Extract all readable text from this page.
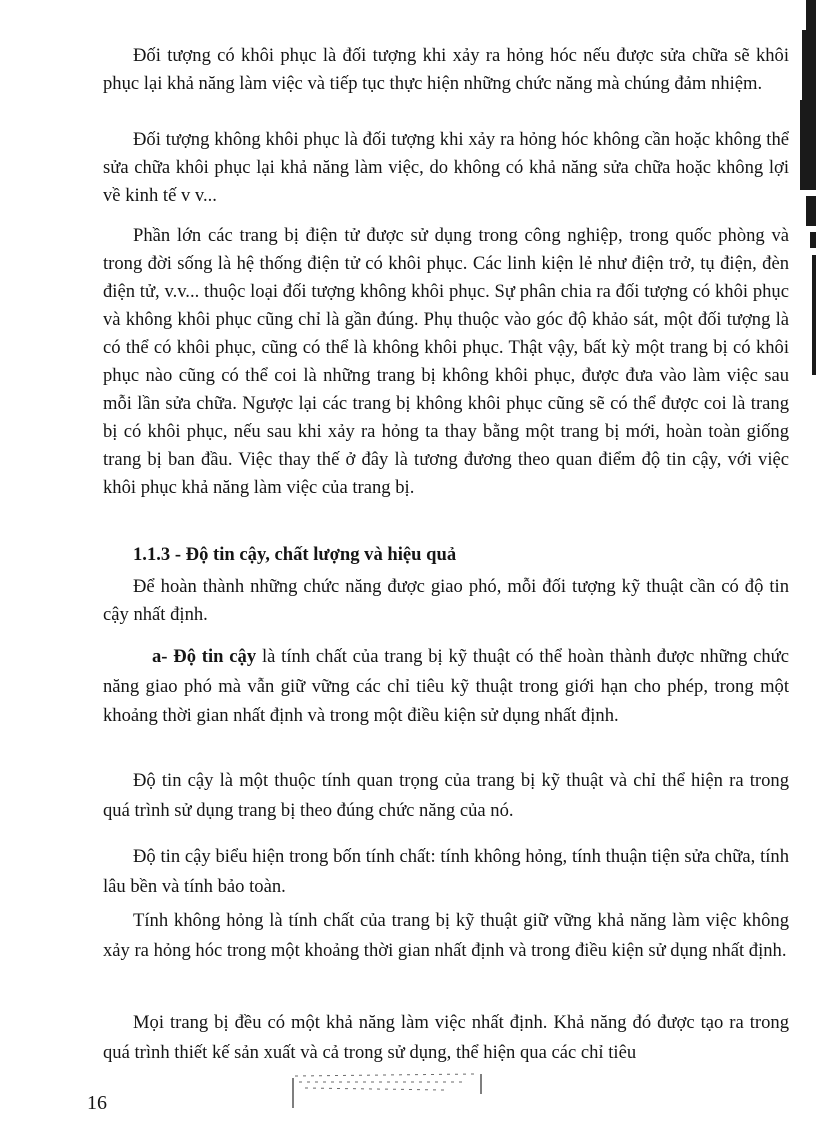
Đối tượng có khôi phục là đối tượng khi xảy ra hỏng hóc nếu được sửa chữa sẽ khôi phục lại khả năng làm việc và tiếp tục thực hiện những chức năng mà chúng đảm nhiệm.

Đối tượng không khôi phục là đối tượng khi xảy ra hỏng hóc không cần hoặc không thể sửa chữa khôi phục lại khả năng làm việc, do không có khả năng sửa chữa hoặc không lợi về kinh tế v v...

Phần lớn các trang bị điện tử được sử dụng trong công nghiệp, trong quốc phòng và trong đời sống là hệ thống điện tử có khôi phục. Các linh kiện lẻ như điện trở, tụ điện, đèn điện tử, v.v... thuộc loại đối tượng không khôi phục. Sự phân chia ra đối tượng có khôi phục và không khôi phục cũng chỉ là gần đúng. Phụ thuộc vào góc độ khảo sát, một đối tượng là có thể có khôi phục, cũng có thể là không khôi phục. Thật vậy, bất kỳ một trang bị có khôi phục nào cũng có thể coi là những trang bị không khôi phục, được đưa vào làm việc sau mỗi lần sửa chữa. Ngược lại các trang bị không khôi phục cũng sẽ có thể được coi là trang bị có khôi phục, nếu sau khi xảy ra hỏng ta thay bằng một trang bị mới, hoàn toàn giống trang bị ban đầu. Việc thay thế ở đây là tương đương theo quan điểm độ tin cậy, với việc khôi phục khả năng làm việc của trang bị.

1.1.3 - Độ tin cậy, chất lượng và hiệu quả

Để hoàn thành những chức năng được giao phó, mỗi đối tượng kỹ thuật cần có độ tin cậy nhất định.

a- Độ tin cậy là tính chất của trang bị kỹ thuật có thể hoàn thành được những chức năng giao phó mà vẫn giữ vững các chỉ tiêu kỹ thuật trong giới hạn cho phép, trong một khoảng thời gian nhất định và trong một điều kiện sử dụng nhất định.

Độ tin cậy là một thuộc tính quan trọng của trang bị kỹ thuật và chỉ thể hiện ra trong quá trình sử dụng trang bị theo đúng chức năng của nó.

Độ tin cậy biểu hiện trong bốn tính chất: tính không hỏng, tính thuận tiện sửa chữa, tính lâu bền và tính bảo toàn.

Tính không hỏng là tính chất của trang bị kỹ thuật giữ vững khả năng làm việc không xảy ra hỏng hóc trong một khoảng thời gian nhất định và trong điều kiện sử dụng nhất định.

Mọi trang bị đều có một khả năng làm việc nhất định. Khả năng đó được tạo ra trong quá trình thiết kế sản xuất và cả trong sử dụng, thể hiện qua các chỉ tiêu

16
